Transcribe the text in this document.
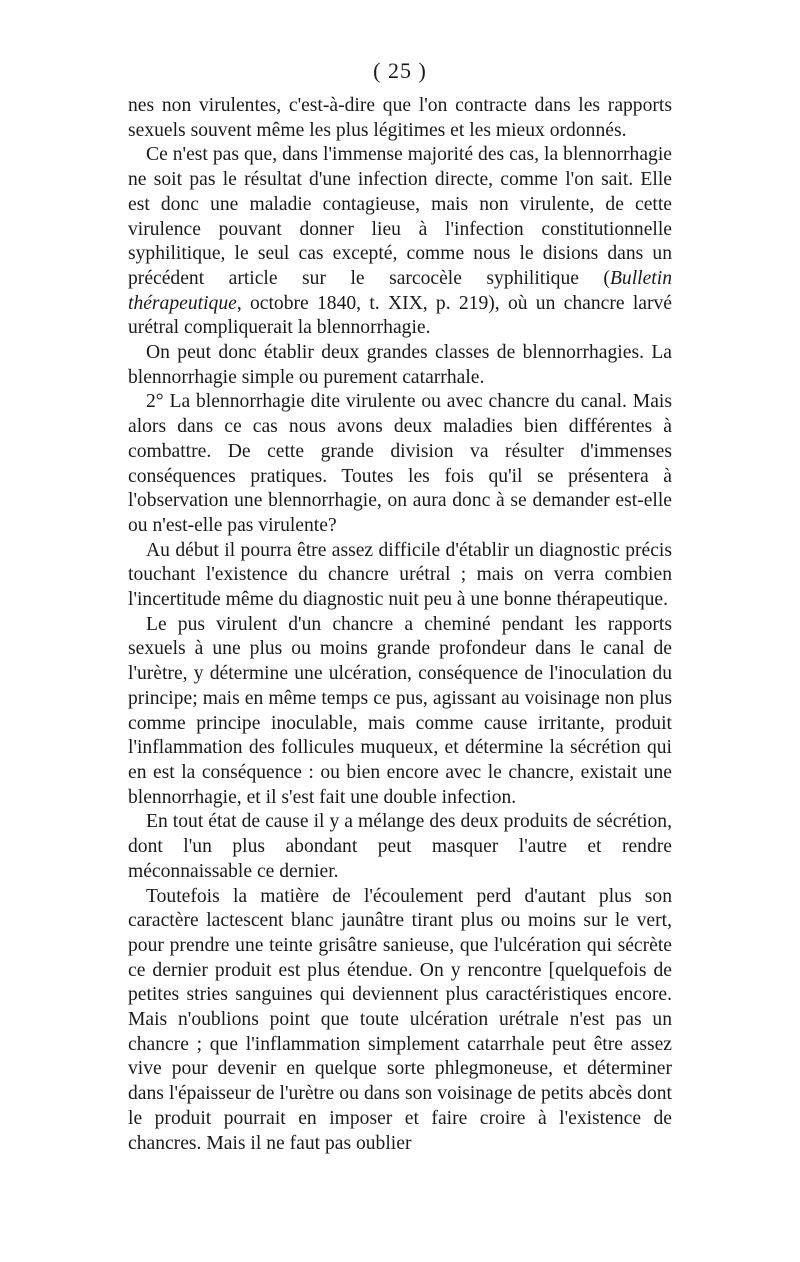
( 25 )

nes non virulentes, c'est-à-dire que l'on contracte dans les rapports sexuels souvent même les plus légitimes et les mieux ordonnés.

Ce n'est pas que, dans l'immense majorité des cas, la blennorrhagie ne soit pas le résultat d'une infection directe, comme l'on sait. Elle est donc une maladie contagieuse, mais non virulente, de cette virulence pouvant donner lieu à l'infection constitutionnelle syphilitique, le seul cas excepté, comme nous le disions dans un précédent article sur le sarcocèle syphilitique (Bulletin thérapeutique, octobre 1840, t. XIX, p. 219), où un chancre larvé urétral compliquerait la blennorrhagie.

On peut donc établir deux grandes classes de blennorrhagies. La blennorrhagie simple ou purement catarrhale.

2° La blennorrhagie dite virulente ou avec chancre du canal. Mais alors dans ce cas nous avons deux maladies bien différentes à combattre. De cette grande division va résulter d'immenses conséquences pratiques. Toutes les fois qu'il se présentera à l'observation une blennorrhagie, on aura donc à se demander est-elle ou n'est-elle pas virulente?

Au début il pourra être assez difficile d'établir un diagnostic précis touchant l'existence du chancre urétral ; mais on verra combien l'incertitude même du diagnostic nuit peu à une bonne thérapeutique.

Le pus virulent d'un chancre a cheminé pendant les rapports sexuels à une plus ou moins grande profondeur dans le canal de l'urètre, y détermine une ulcération, conséquence de l'inoculation du principe; mais en même temps ce pus, agissant au voisinage non plus comme principe inoculable, mais comme cause irritante, produit l'inflammation des follicules muqueux, et détermine la sécrétion qui en est la conséquence : ou bien encore avec le chancre, existait une blennorrhagie, et il s'est fait une double infection.

En tout état de cause il y a mélange des deux produits de sécrétion, dont l'un plus abondant peut masquer l'autre et rendre méconnaissable ce dernier.

Toutefois la matière de l'écoulement perd d'autant plus son caractère lactescent blanc jaunâtre tirant plus ou moins sur le vert, pour prendre une teinte grisâtre sanieuse, que l'ulcération qui sécrète ce dernier produit est plus étendue. On y rencontre [quelquefois de petites stries sanguines qui deviennent plus caractéristiques encore. Mais n'oublions point que toute ulcération urétrale n'est pas un chancre ; que l'inflammation simplement catarrhale peut être assez vive pour devenir en quelque sorte phlegmoneuse, et déterminer dans l'épaisseur de l'urètre ou dans son voisinage de petits abcès dont le produit pourrait en imposer et faire croire à l'existence de chancres. Mais il ne faut pas oublier
